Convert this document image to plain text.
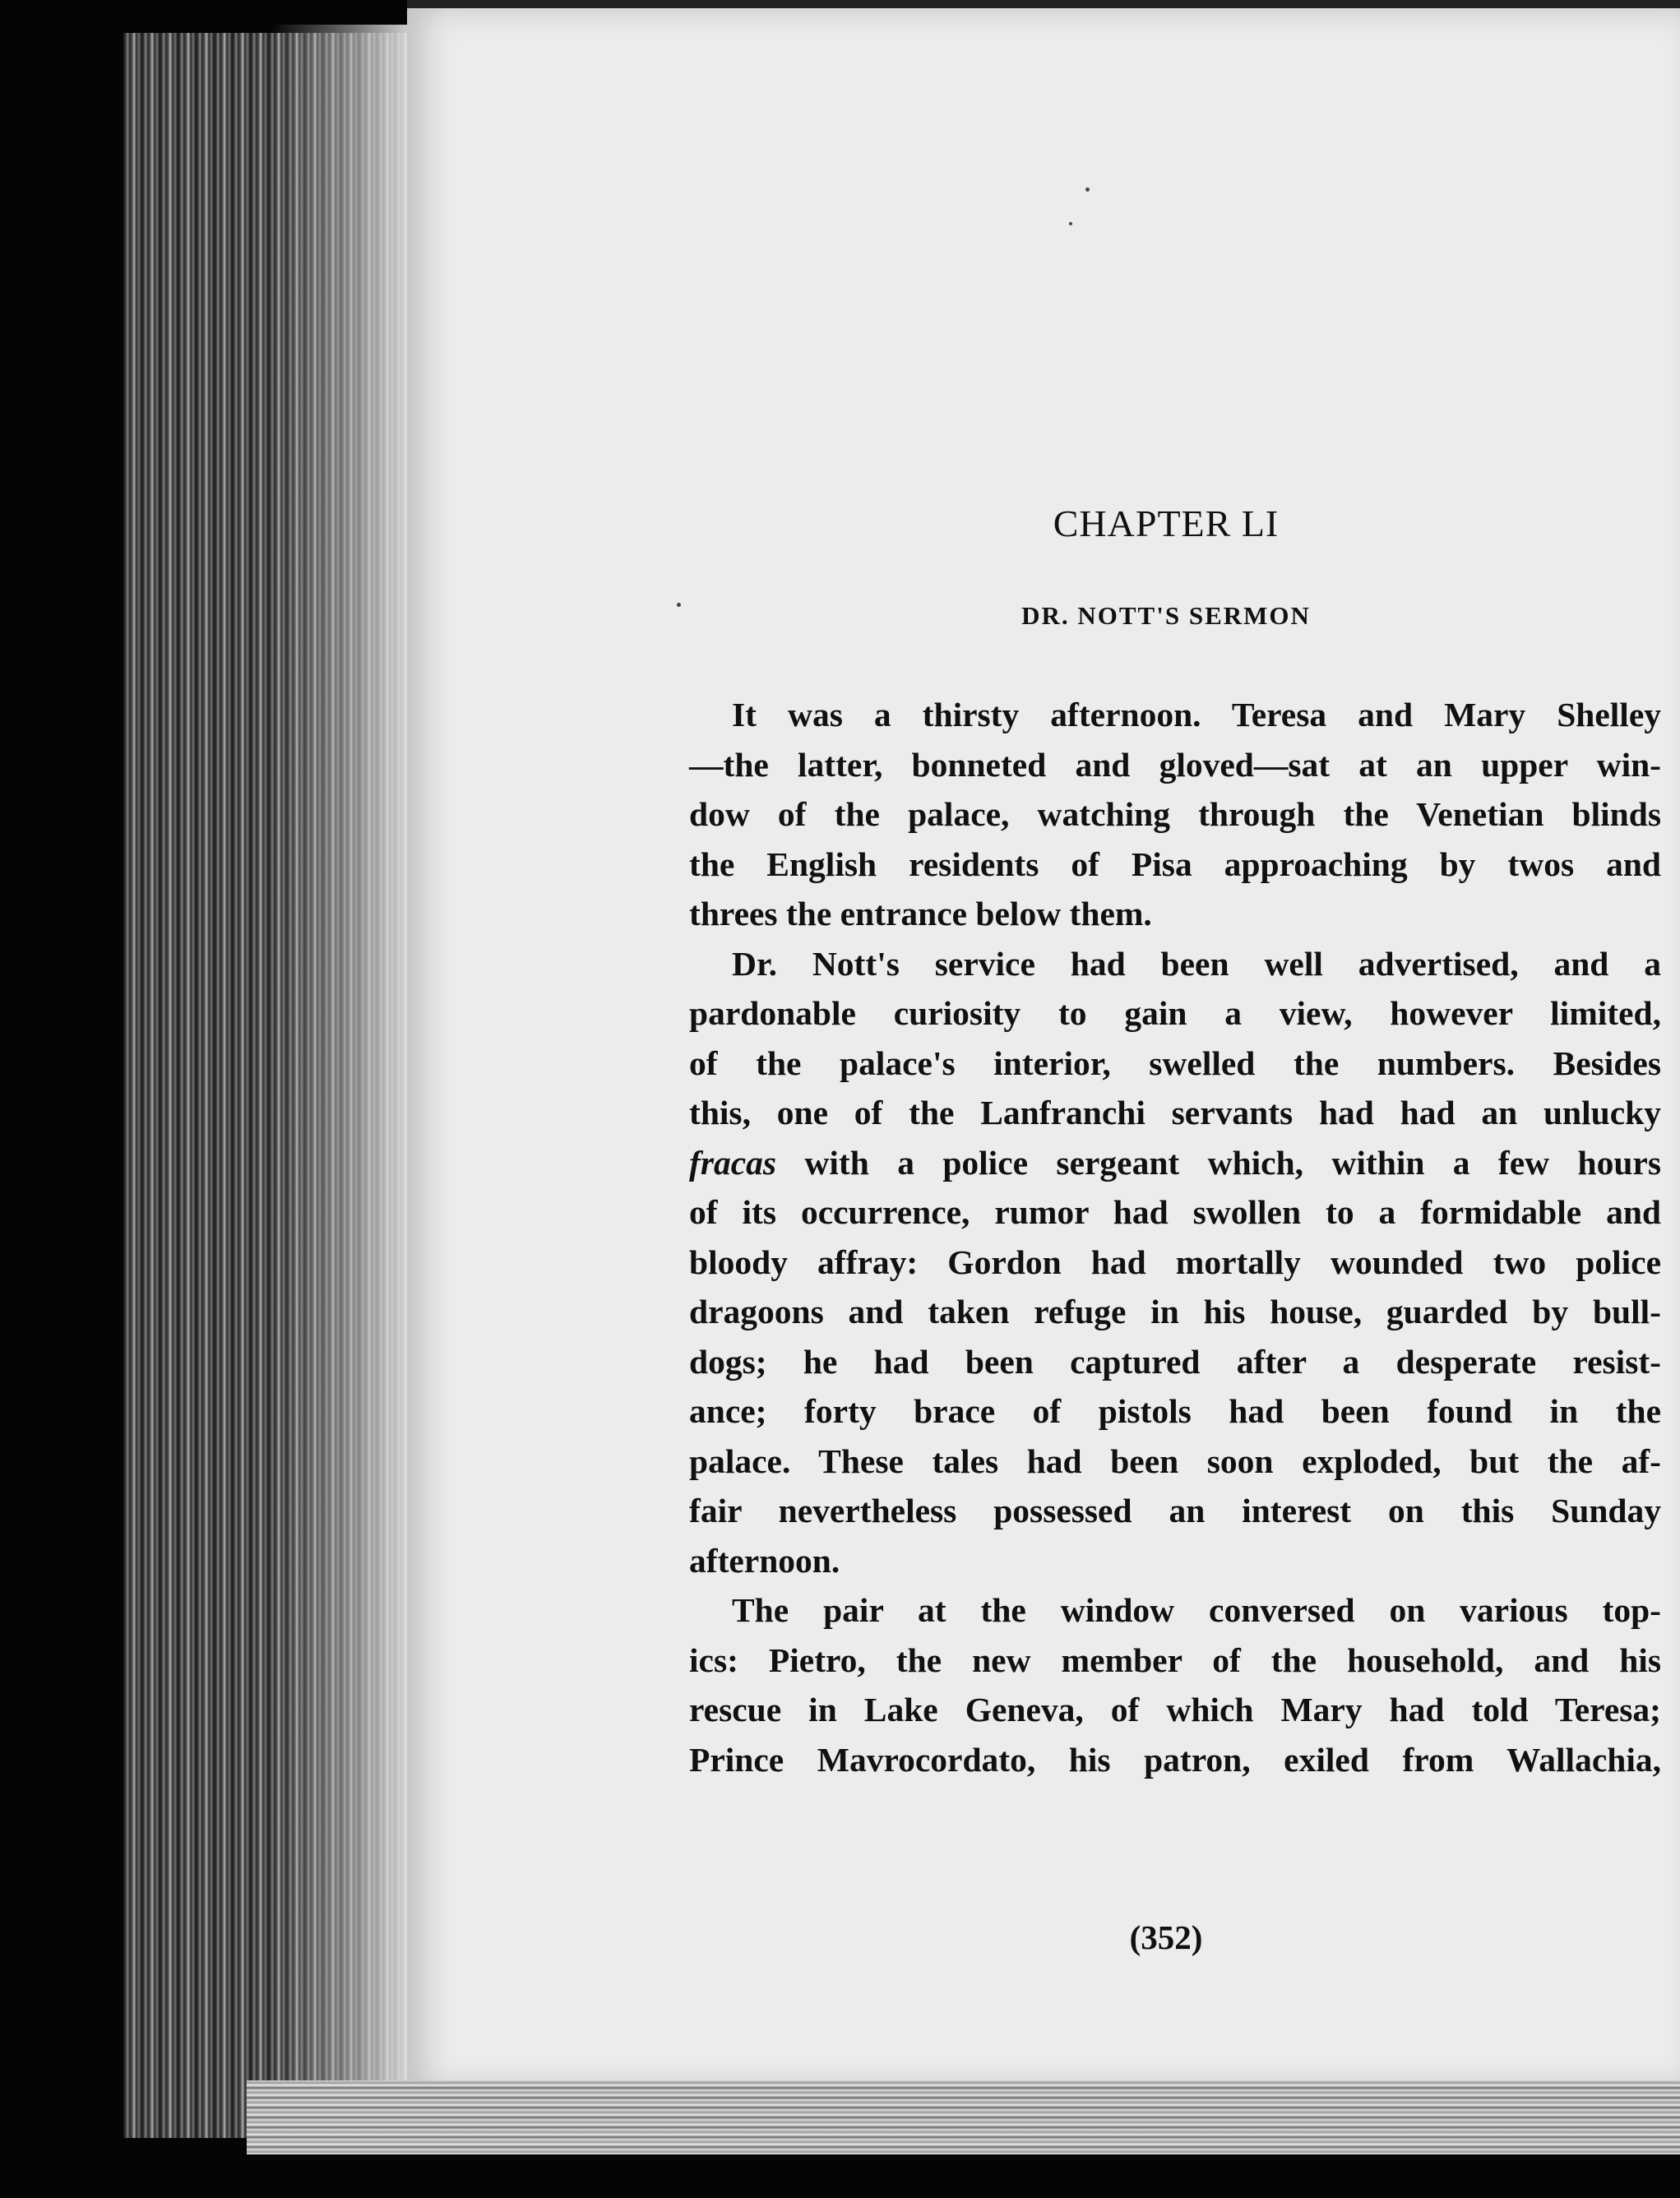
CHAPTER LI
DR. NOTT'S SERMON
It was a thirsty afternoon. Teresa and Mary Shelley
—the latter, bonneted and gloved—sat at an upper win-
dow of the palace, watching through the Venetian blinds
the English residents of Pisa approaching by twos and
threes the entrance below them.
Dr. Nott's service had been well advertised, and a
pardonable curiosity to gain a view, however limited,
of the palace's interior, swelled the numbers. Besides
this, one of the Lanfranchi servants had had an unlucky
fracas with a police sergeant which, within a few hours
of its occurrence, rumor had swollen to a formidable and
bloody affray: Gordon had mortally wounded two police
dragoons and taken refuge in his house, guarded by bull-
dogs; he had been captured after a desperate resist-
ance; forty brace of pistols had been found in the
palace. These tales had been soon exploded, but the af-
fair nevertheless possessed an interest on this Sunday
afternoon.
The pair at the window conversed on various top-
ics: Pietro, the new member of the household, and his
rescue in Lake Geneva, of which Mary had told Teresa;
Prince Mavrocordato, his patron, exiled from Wallachia,
(352)
